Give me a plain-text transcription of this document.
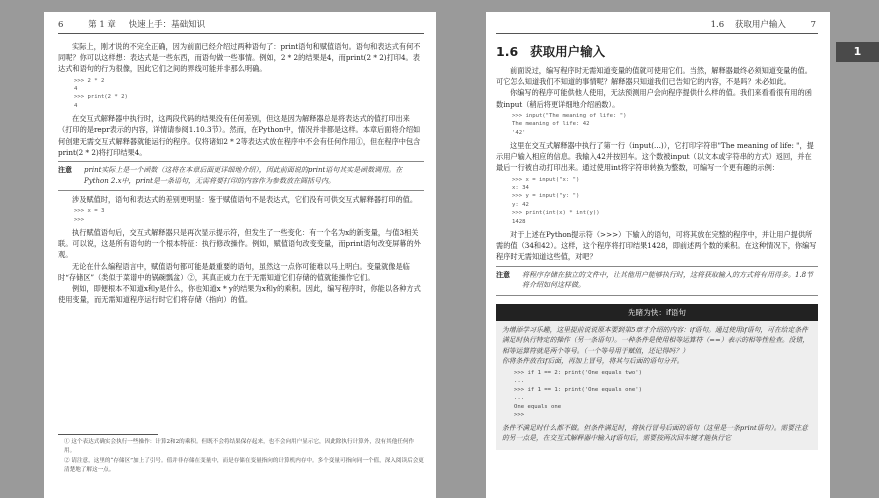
6	第 1 章 快速上手：基础知识

实际上，刚才说的不完全正确，因为前面已经介绍过两种语句了：print语句和赋值语句。语句和表达式有何不同呢？你可以这样想：表达式是一些东西，而语句做一些事情。例如，2 * 2的结果是4，而print(2 * 2)打印4。表达式和语句的行为很像，因此它们之间的界线可能并非那么明确。

>>> 2 * 2
4
>>> print(2 * 2)
4

在交互式解释器中执行时，这两段代码的结果没有任何差别，但这是因为解释器总是将表达式的值打印出来（打印的是repr表示的内容，详情请参阅1.10.3节）。然而，在Python中，情况并非都是这样。本章后面将介绍如何创建无需交互式解释器就能运行的程序。仅将诸如2 * 2等表达式放在程序中不会有任何作用①，但在程序中包含print(2 * 2)将打印结果4。

注意	print实际上是一个函数（这将在本章后面更详细地介绍），因此前面说的print语句其实是函数调用。在Python 2.x中，print是一条语句，无需将要打印的内容作为参数放在圆括号内。

涉及赋值时，语句和表达式的差别更明显：鉴于赋值语句不是表达式，它们没有可供交互式解释器打印的值。

>>> x = 3
>>>

执行赋值语句后，交互式解释器只是再次显示提示符，但发生了一些变化：有一个名为x的新变量，与值3相关联。可以说，这是所有语句的一个根本特征：执行修改操作。例如，赋值语句改变变量，而print语句改变屏幕的外观。

无论在什么编程语言中，赋值语句都可能是最重要的语句，虽然这一点你可能难以马上明白。变量就像是临时“存储区”（类似于菜谱中的锅碗瓢盆）②，其真正威力在于无需知道它们存储的值就能操作它们。

例如，即便根本不知道x和y是什么，你也知道x * y的结果为x和y的乘积。因此，编写程序时，你能以各种方式使用变量，而无需知道程序运行时它们将存储（指向）的值。

① 这个表达式确实会执行一些操作：计算2和2的乘积。但既不会将结果保存起来，也不会向用户显示它，因此除执行计算外，没有其他任何作用。

② 请注意，这里的“存储区”加上了引号。值并非存储在变量中，而是存储在变量指向的计算机内存中。多个变量可指向同一个值，深入阅读后会更清楚地了解这一点。

1.6 获取用户输入	7
1.6 获取用户输入

前面说过，编写程序时无需知道变量的值就可使用它们。当然，解释器最终必须知道变量的值。可它怎么知道我们不知道的事情呢？解释器只知道我们已告知它的内容，不是吗？未必如此。

你编写的程序可能供他人使用，无法预测用户会向程序提供什么样的值。我们来看看很有用的函数input（稍后将更详细地介绍函数）。

>>> input("The meaning of life: ")
The meaning of life: 42
'42'

这里在交互式解释器中执行了第一行（input(...)），它打印字符串"The meaning of life: "，提示用户输入相应的信息。我输入42并按回车。这个数被input（以文本或字符串的方式）返回，并在最后一行被自动打印出来。通过使用int将字符串转换为整数，可编写一个更有趣的示例：

>>> x = input("x: ")
x: 34
>>> y = input("y: ")
y: 42
>>> print(int(x) * int(y))
1428

对于上述在Python提示符（>>>）下输入的语句，可将其放在完整的程序中，并让用户提供所需的值（34和42）。这样，这个程序将打印结果1428，即前述两个数的乘积。在这种情况下，你编写程序时无需知道这些值，对吧？

注意	将程序存储在独立的文件中，让其他用户能够执行时，这将获取输入的方式将有用得多。1.8节将介绍如何这样做。
先睹为快：if语句
为增添学习乐趣，这里提前说说原本要到第5章才介绍的内容：if语句。通过使用if语句，可在给定条件满足时执行特定的操作（另一条语句）。一种条件是使用相等运算符（==）表示的相等性检查。没错，相等运算符就是两个等号。（一个等号用于赋值，还记得吗？）
你将条件放在if后面，再加上冒号，将其与后面的语句分开。
>>> if 1 == 2: print('One equals two')
...
>>> if 1 == 1: print('One equals one')
...
One equals one
>>>
条件不满足时什么都不做。但条件满足时，将执行冒号后面的语句（这里是一条print语句）。需要注意的另一点是，在交互式解释器中输入if语句后，需要按两次回车键才能执行它
1
